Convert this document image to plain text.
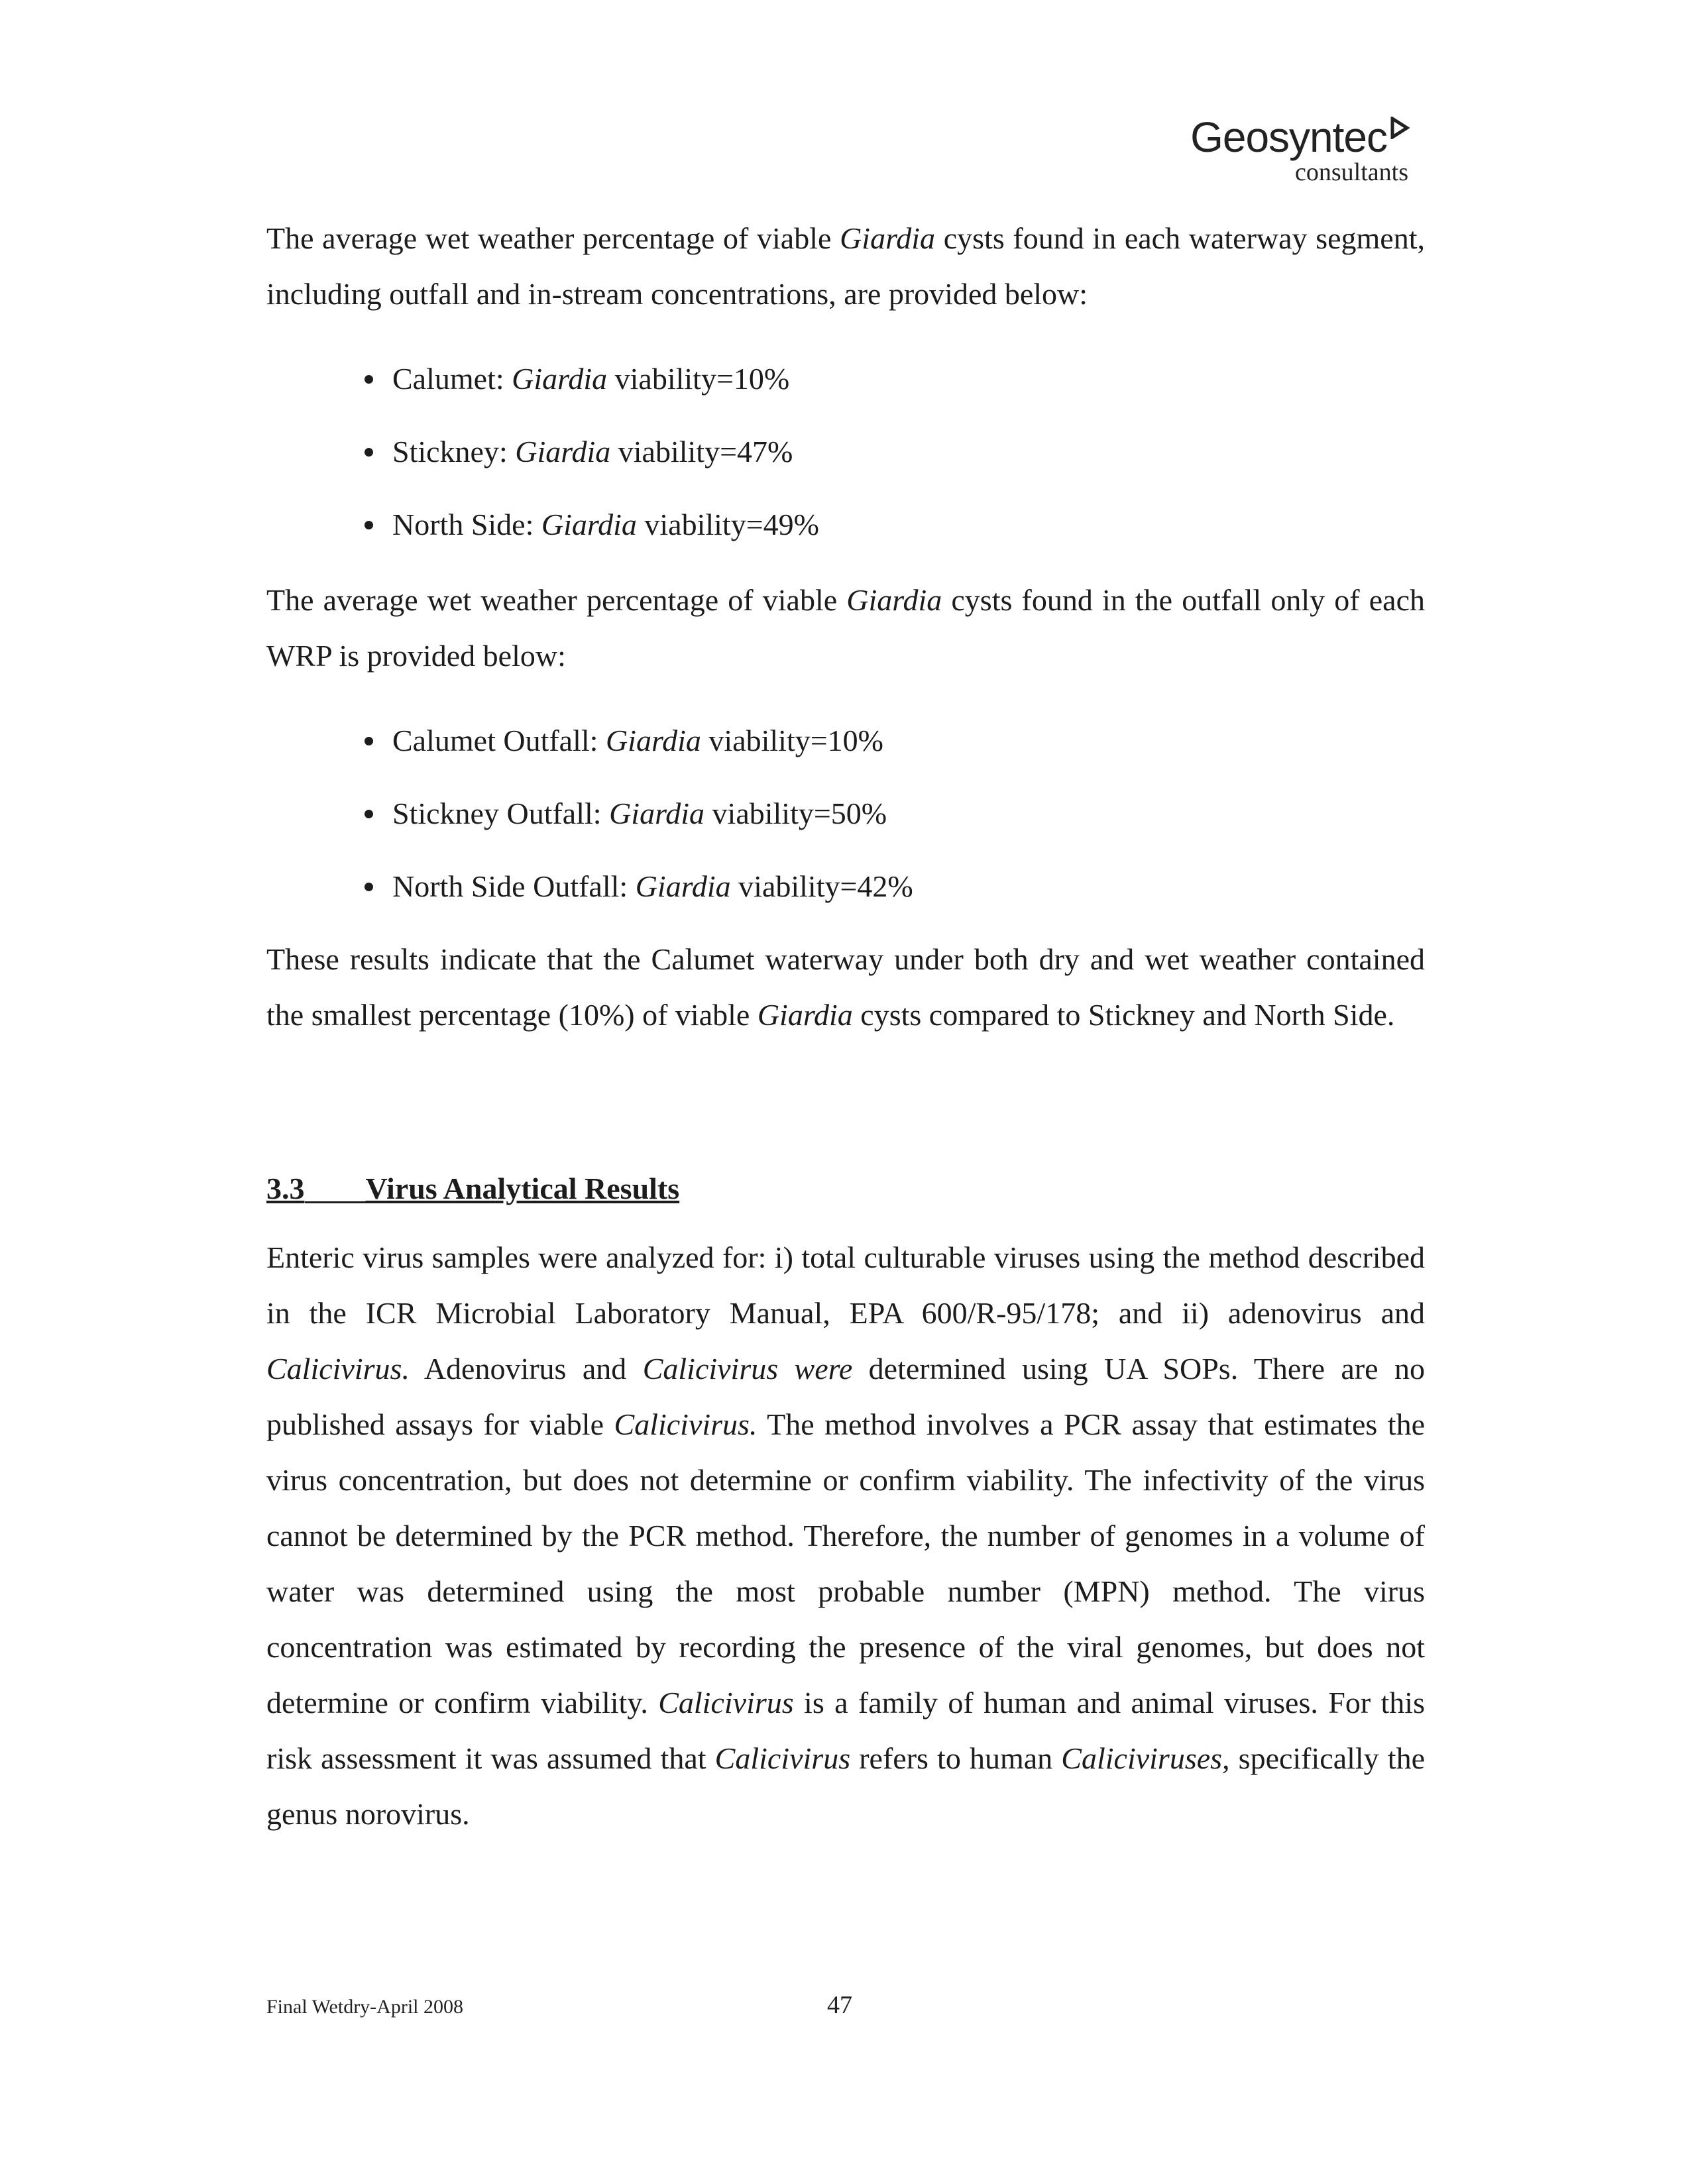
Geosyntec
consultants

The average wet weather percentage of viable Giardia cysts found in each waterway segment, including outfall and in-stream concentrations, are provided below:

Calumet: Giardia viability=10%
Stickney: Giardia viability=47%
North Side: Giardia viability=49%

The average wet weather percentage of viable Giardia cysts found in the outfall only of each WRP is provided below:

Calumet Outfall: Giardia viability=10%
Stickney Outfall: Giardia viability=50%
North Side Outfall: Giardia viability=42%

These results indicate that the Calumet waterway under both dry and wet weather contained the smallest percentage (10%) of viable Giardia cysts compared to Stickney and North Side.

3.3 Virus Analytical Results

Enteric virus samples were analyzed for: i) total culturable viruses using the method described in the ICR Microbial Laboratory Manual, EPA 600/R-95/178; and ii) adenovirus and Calicivirus. Adenovirus and Calicivirus were determined using UA SOPs. There are no published assays for viable Calicivirus. The method involves a PCR assay that estimates the virus concentration, but does not determine or confirm viability. The infectivity of the virus cannot be determined by the PCR method. Therefore, the number of genomes in a volume of water was determined using the most probable number (MPN) method. The virus concentration was estimated by recording the presence of the viral genomes, but does not determine or confirm viability. Calicivirus is a family of human and animal viruses. For this risk assessment it was assumed that Calicivirus refers to human Caliciviruses, specifically the genus norovirus.

Final Wetdry-April 2008	47
